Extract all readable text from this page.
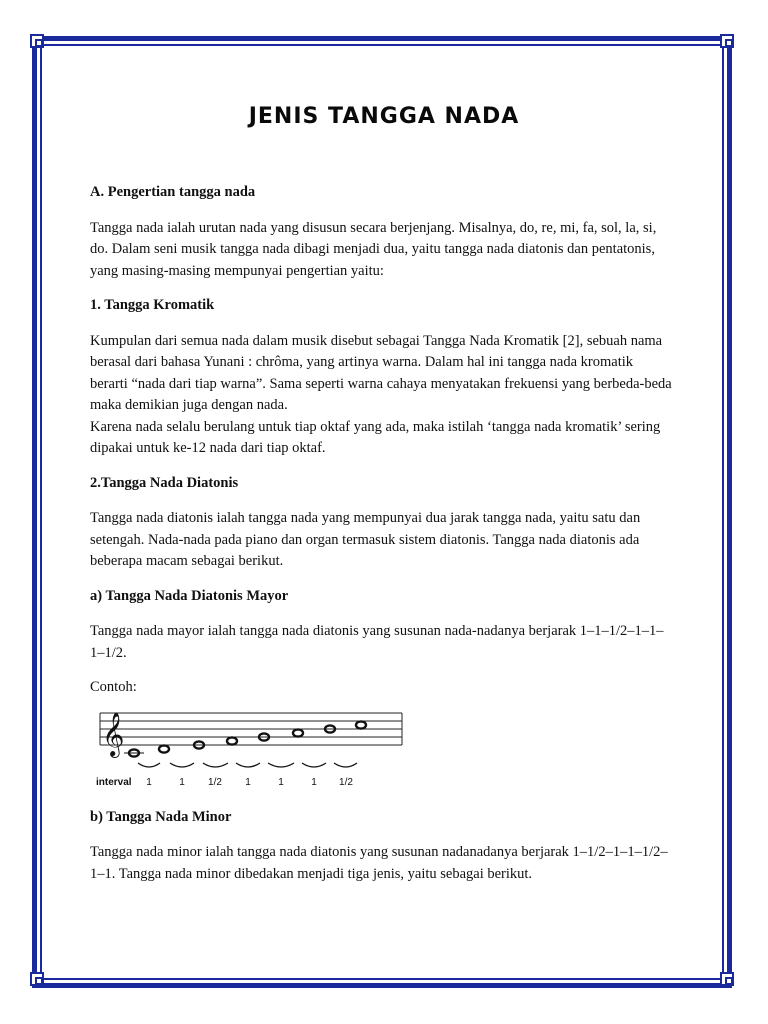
JENIS TANGGA NADA
A. Pengertian tangga nada
Tangga nada ialah urutan nada yang disusun secara berjenjang. Misalnya, do, re, mi, fa, sol, la, si, do. Dalam seni musik tangga nada dibagi menjadi dua, yaitu tangga nada diatonis dan pentatonis, yang masing-masing mempunyai pengertian yaitu:
1. Tangga Kromatik
Kumpulan dari semua nada dalam musik disebut sebagai Tangga Nada Kromatik [2], sebuah nama berasal dari bahasa Yunani : chrôma, yang artinya warna. Dalam hal ini tangga nada kromatik berarti “nada dari tiap warna”. Sama seperti warna cahaya menyatakan frekuensi yang berbeda-beda maka demikian juga dengan nada.
Karena nada selalu berulang untuk tiap oktaf yang ada, maka istilah ‘tangga nada kromatik’ sering dipakai untuk ke-12 nada dari tiap oktaf.
2.Tangga Nada Diatonis
Tangga nada diatonis ialah tangga nada yang mempunyai dua jarak tangga nada, yaitu satu dan setengah. Nada-nada pada piano dan organ termasuk sistem diatonis. Tangga nada diatonis ada beberapa macam sebagai berikut.
a) Tangga Nada Diatonis Mayor
Tangga nada mayor ialah tangga nada diatonis yang susunan nada-nadanya berjarak 1–1–1/2–1–1–1–1/2.
Contoh:
𝄞
interval 1	1 1/2 1	1	1 1/2
b) Tangga Nada Minor
Tangga nada minor ialah tangga nada diatonis yang susunan nadanadanya berjarak 1–1/2–1–1–1/2–1–1. Tangga nada minor dibedakan menjadi tiga jenis, yaitu sebagai berikut.
